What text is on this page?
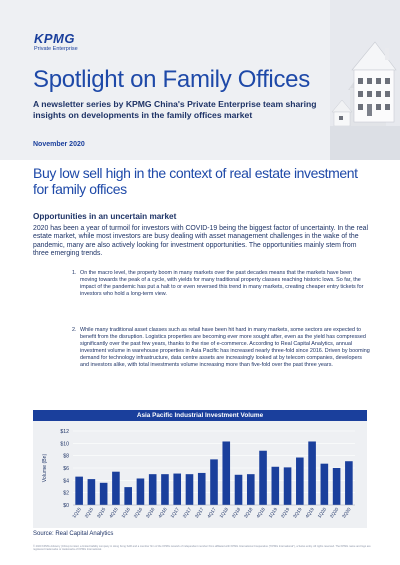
KPMG
Private Enterprise
Spotlight on Family Offices
A newsletter series by KPMG China's Private Enterprise team sharing insights on developments in the family offices market
November 2020
Buy low sell high in the context of real estate investment for family offices
Opportunities in an uncertain market
2020 has been a year of turmoil for investors with COVID-19 being the biggest factor of uncertainty. In the real estate market, while most investors are busy dealing with asset management challenges in the wake of the pandemic, many are also actively looking for investment opportunities. The opportunities mainly stem from three emerging trends.
1. On the macro level, the property boom in many markets over the past decades means that the markets have been moving towards the peak of a cycle, with yields for many traditional property classes reaching historic lows. So far, the impact of the pandemic has put a halt to or even reversed this trend in many markets, creating cheaper entry tickets for investors who hold a long-term view.
2. While many traditional asset classes such as retail have been hit hard in many markets, some sectors are expected to benefit from the disruption. Logistics properties are becoming ever more sought after, even as the yield has compressed significantly over the past few years, thanks to the rise of e-commerce. According to Real Capital Analytics, annual investment volume in warehouse properties in Asia Pacific has increased nearly three-fold since 2016. Driven by booming demand for technology infrastructure, data centre assets are increasingly looked at by telecom companies, developers and investors alike, with total investments volume increasing more than five-fold over the past three years.
Asia Pacific Industrial Investment Volume
$0
$2
$4
$6
$8
$10
$12
Volume (Bn)
1Q15 2Q15 3Q15 4Q15 1Q16 2Q16 3Q16 4Q16 1Q17 2Q17 3Q17 4Q17 1Q18 2Q18 3Q18 4Q18 1Q19 2Q19 3Q19 4Q19 1Q20 2Q20 3Q20
Source: Real Capital Analytics
© 2020 KPMG Advisory (China) Limited, a limited liability company in Hong Kong SAR and a member firm of the KPMG network of independent member firms affiliated with KPMG International Cooperative ("KPMG International"), a Swiss entity. All rights reserved. The KPMG name and logo are registered trademarks or trademarks of KPMG International.
